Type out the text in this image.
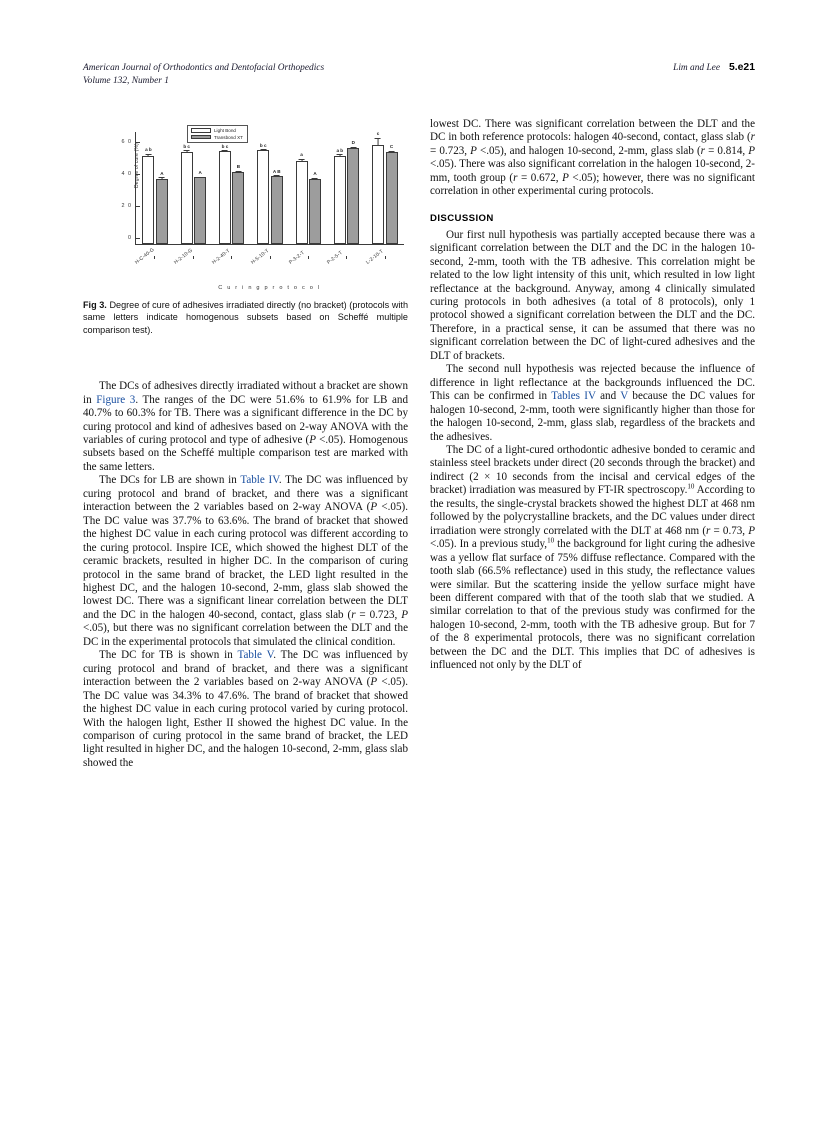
American Journal of Orthodontics and Dentofacial Orthopedics
Volume 132, Number 1
Lim and Lee 5.e21
Light Bond
Transbond XT
Degree of cure (%)
0
2 0
4 0
6 0
a b
A
b c
A
b c
B
b c
A B
a
A
a b
D
c
C
H-C-40-G	H-2-10-G	H-2-40-T	H-5-10-T	P-3-2-T	P-2-5-T	L-2-10-T
C u r i n g p r o t o c o l
Fig 3. Degree of cure of adhesives irradiated directly (no bracket) (protocols with same letters indicate homogenous subsets based on Scheffé multiple comparison test).

The DCs of adhesives directly irradiated without a bracket are shown in Figure 3. The ranges of the DC were 51.6% to 61.9% for LB and 40.7% to 60.3% for TB. There was a significant difference in the DC by curing protocol and kind of adhesives based on 2-way ANOVA with the variables of curing protocol and type of adhesive (P <.05). Homogenous subsets based on the Scheffé multiple comparison test are marked with the same letters.

The DCs for LB are shown in Table IV. The DC was influenced by curing protocol and brand of bracket, and there was a significant interaction between the 2 variables based on 2-way ANOVA (P <.05). The DC value was 37.7% to 63.6%. The brand of bracket that showed the highest DC value in each curing protocol was different according to the curing protocol. Inspire ICE, which showed the highest DLT of the ceramic brackets, resulted in higher DC. In the comparison of curing protocol in the same brand of bracket, the LED light resulted in the highest DC, and the halogen 10-second, 2-mm, glass slab showed the lowest DC. There was a significant linear correlation between the DLT and the DC in the halogen 40-second, contact, glass slab (r = 0.723, P <.05), but there was no significant correlation between the DLT and the DC in the experimental protocols that simulated the clinical condition.

The DC for TB is shown in Table V. The DC was influenced by curing protocol and brand of bracket, and there was a significant interaction between the 2 variables based on 2-way ANOVA (P <.05). The DC value was 34.3% to 47.6%. The brand of bracket that showed the highest DC value in each curing protocol varied by curing protocol. With the halogen light, Esther II showed the highest DC value. In the comparison of curing protocol in the same brand of bracket, the LED light resulted in higher DC, and the halogen 10-second, 2-mm, glass slab showed the

lowest DC. There was significant correlation between the DLT and the DC in both reference protocols: halogen 40-second, contact, glass slab (r = 0.723, P <.05), and halogen 10-second, 2-mm, glass slab (r = 0.814, P <.05). There was also significant correlation in the halogen 10-second, 2-mm, tooth group (r = 0.672, P <.05); however, there was no significant correlation in other experimental curing protocols.

DISCUSSION

Our first null hypothesis was partially accepted because there was a significant correlation between the DLT and the DC in the halogen 10-second, 2-mm, tooth with the TB adhesive. This correlation might be related to the low light intensity of this unit, which resulted in low light reflectance at the background. Anyway, among 4 clinically simulated curing protocols in both adhesives (a total of 8 protocols), only 1 protocol showed a significant correlation between the DLT and the DC. Therefore, in a practical sense, it can be assumed that there was no significant correlation between the DC of light-cured adhesives and the DLT of brackets.

The second null hypothesis was rejected because the influence of difference in light reflectance at the backgrounds influenced the DC. This can be confirmed in Tables IV and V because the DC values for halogen 10-second, 2-mm, tooth were significantly higher than those for the halogen 10-second, 2-mm, glass slab, regardless of the brackets and the adhesives.

The DC of a light-cured orthodontic adhesive bonded to ceramic and stainless steel brackets under direct (20 seconds through the bracket) and indirect (2 × 10 seconds from the incisal and cervical edges of the bracket) irradiation was measured by FT-IR spectroscopy.$^{10}$ According to the results, the single-crystal brackets showed the highest DLT at 468 nm followed by the polycrystalline brackets, and the DC values under direct irradiation were strongly correlated with the DLT at 468 nm (r = 0.73, P <.05). In a previous study,$^{10}$ the background for light curing the adhesive was a yellow flat surface of 75% diffuse reflectance. Compared with the tooth slab (66.5% reflectance) used in this study, the reflectance values were similar. But the scattering inside the yellow surface might have been different compared with that of the tooth slab that we studied. A similar correlation to that of the previous study was confirmed for the halogen 10-second, 2-mm, tooth with the TB adhesive group. But for 7 of the 8 experimental protocols, there was no significant correlation between the DC and the DLT. This implies that DC of adhesives is influenced not only by the DLT of
